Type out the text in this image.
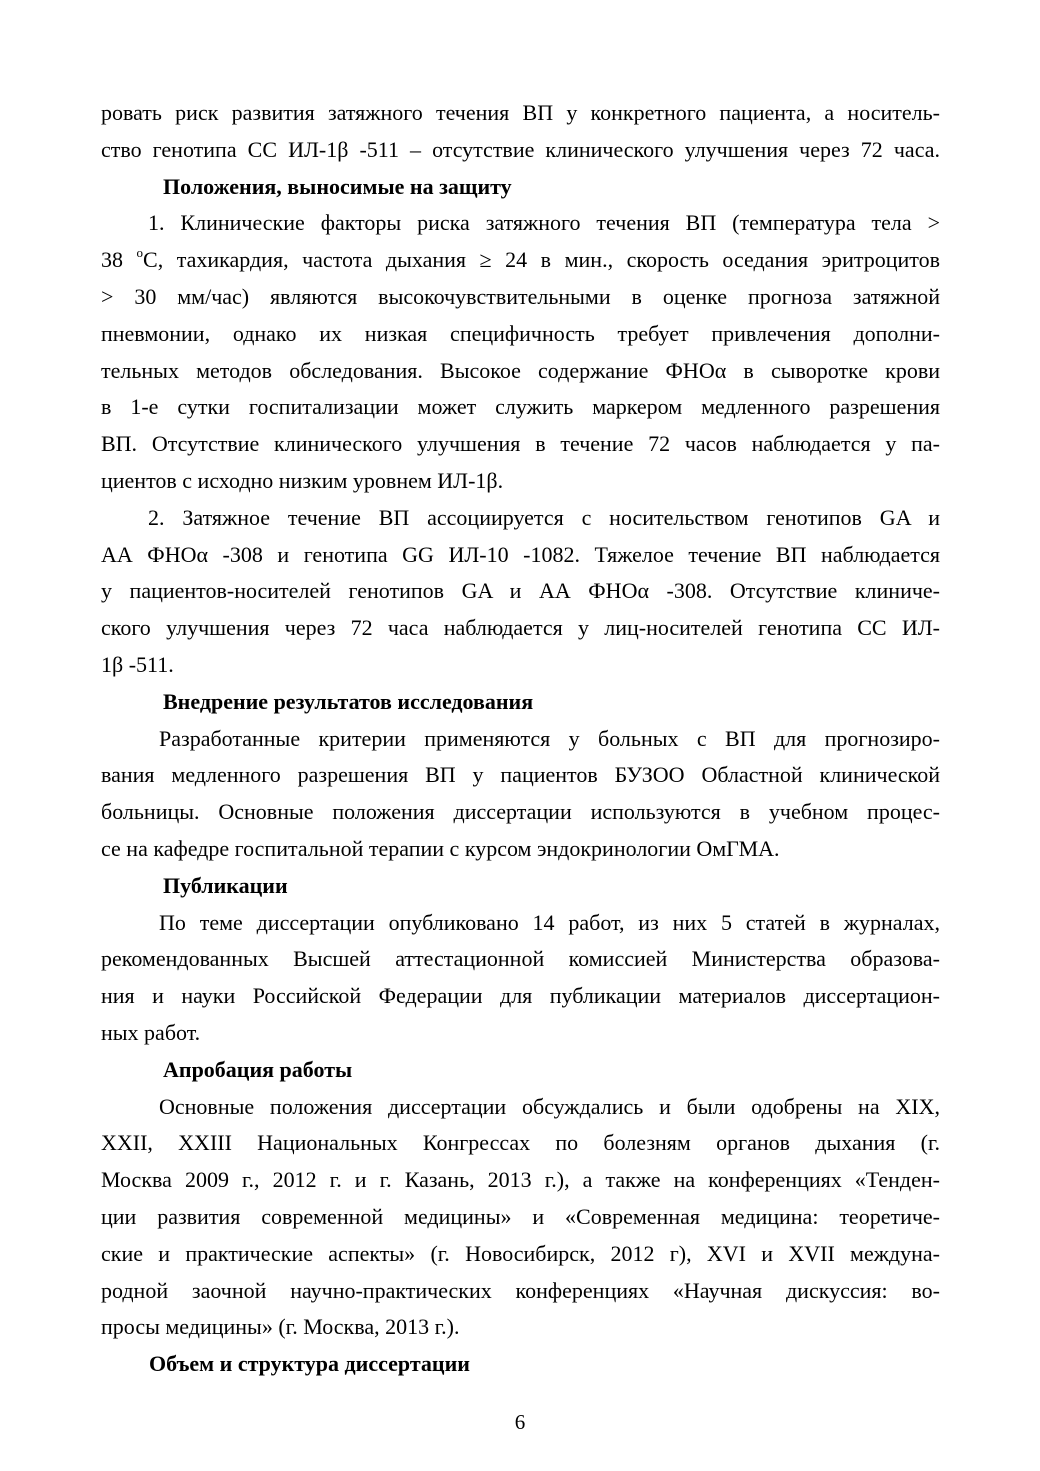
ровать риск развития затяжного течения ВП у конкретного пациента, а носитель-
ство генотипа СС ИЛ-1β -511 – отсутствие клинического улучшения через 72 часа.
Положения, выносимые на защиту
1. Клинические факторы риска затяжного течения ВП (температура тела >
38 $^o$С, тахикардия, частота дыхания ≥ 24 в мин., скорость оседания эритроцитов
> 30 мм/час) являются высокочувствительными в оценке прогноза затяжной
пневмонии, однако их низкая специфичность требует привлечения дополни-
тельных методов обследования. Высокое содержание ФНОα в сыворотке крови
в 1-е сутки госпитализации может служить маркером медленного разрешения
ВП. Отсутствие клинического улучшения в течение 72 часов наблюдается у па-
циентов с исходно низким уровнем ИЛ-1β.
2. Затяжное течение ВП ассоциируется с носительством генотипов GA и
АА ФНОα -308 и генотипа GG ИЛ-10 -1082. Тяжелое течение ВП наблюдается
у пациентов-носителей генотипов GA и АА ФНОα -308. Отсутствие клиниче-
ского улучшения через 72 часа наблюдается у лиц-носителей генотипа СС ИЛ-
1β -511.
Внедрение результатов исследования
Разработанные критерии применяются у больных с ВП для прогнозиро-
вания медленного разрешения ВП у пациентов БУЗОО Областной клинической
больницы. Основные положения диссертации используются в учебном процес-
се на кафедре госпитальной терапии с курсом эндокринологии ОмГМА.
Публикации
По теме диссертации опубликовано 14 работ, из них 5 статей в журналах,
рекомендованных Высшей аттестационной комиссией Министерства образова-
ния и науки Российской Федерации для публикации материалов диссертацион-
ных работ.
Апробация работы
Основные положения диссертации обсуждались и были одобрены на XIX,
XXII, XXIII Национальных Конгрессах по болезням органов дыхания (г.
Москва 2009 г., 2012 г. и г. Казань, 2013 г.), а также на конференциях «Тенден-
ции развития современной медицины» и «Современная медицина: теоретиче-
ские и практические аспекты» (г. Новосибирск, 2012 г), XVI и XVII междуна-
родной заочной научно-практических конференциях «Научная дискуссия: во-
просы медицины» (г. Москва, 2013 г.).
Объем и структура диссертации
6
